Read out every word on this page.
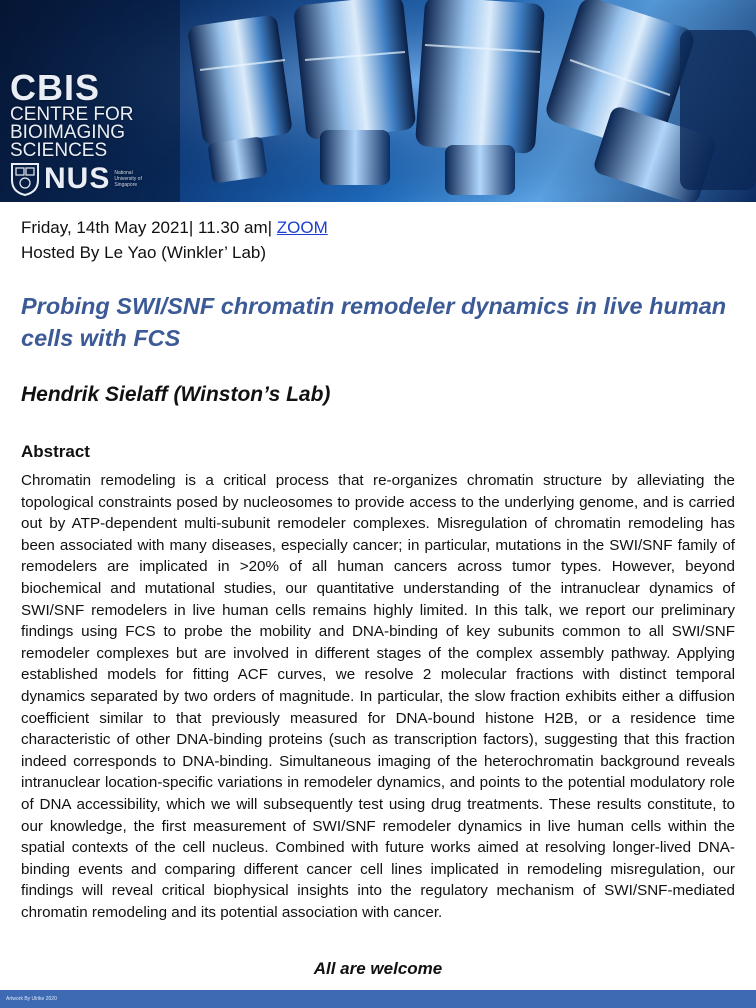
CBIS
CENTRE FOR
BIOIMAGING
SCIENCES
NUS National University of Singapore
Friday, 14th May 2021| 11.30 am| ZOOM
Hosted By Le Yao (Winkler’ Lab)
Probing SWI/SNF chromatin remodeler dynamics in live human cells with FCS
Hendrik Sielaff (Winston’s Lab)
Abstract

Chromatin remodeling is a critical process that re-organizes chromatin structure by alleviating the topological constraints posed by nucleosomes to provide access to the underlying genome, and is carried out by ATP-dependent multi-subunit remodeler complexes. Misregulation of chromatin remodeling has been associated with many diseases, especially cancer; in particular, mutations in the SWI/SNF family of remodelers are implicated in >20% of all human cancers across tumor types. However, beyond biochemical and mutational studies, our quantitative understanding of the intranuclear dynamics of SWI/SNF remodelers in live human cells remains highly limited. In this talk, we report our preliminary findings using FCS to probe the mobility and DNA-binding of key subunits common to all SWI/SNF remodeler complexes but are involved in different stages of the complex assembly pathway. Applying established models for fitting ACF curves, we resolve 2 molecular fractions with distinct temporal dynamics separated by two orders of magnitude. In particular, the slow fraction exhibits either a diffusion coefficient similar to that previously measured for DNA-bound histone H2B, or a residence time characteristic of other DNA-binding proteins (such as transcription factors), suggesting that this fraction indeed corresponds to DNA-binding. Simultaneous imaging of the heterochromatin background reveals intranuclear location-specific variations in remodeler dynamics, and points to the potential modulatory role of DNA accessibility, which we will subsequently test using drug treatments. These results constitute, to our knowledge, the first measurement of SWI/SNF remodeler dynamics in live human cells within the spatial contexts of the cell nucleus. Combined with future works aimed at resolving longer-lived DNA-binding events and comparing different cancer cell lines implicated in remodeling misregulation, our findings will reveal critical biophysical insights into the regulatory mechanism of SWI/SNF-mediated chromatin remodeling and its potential association with cancer.

All are welcome
Artwork By Ulrike 2020
